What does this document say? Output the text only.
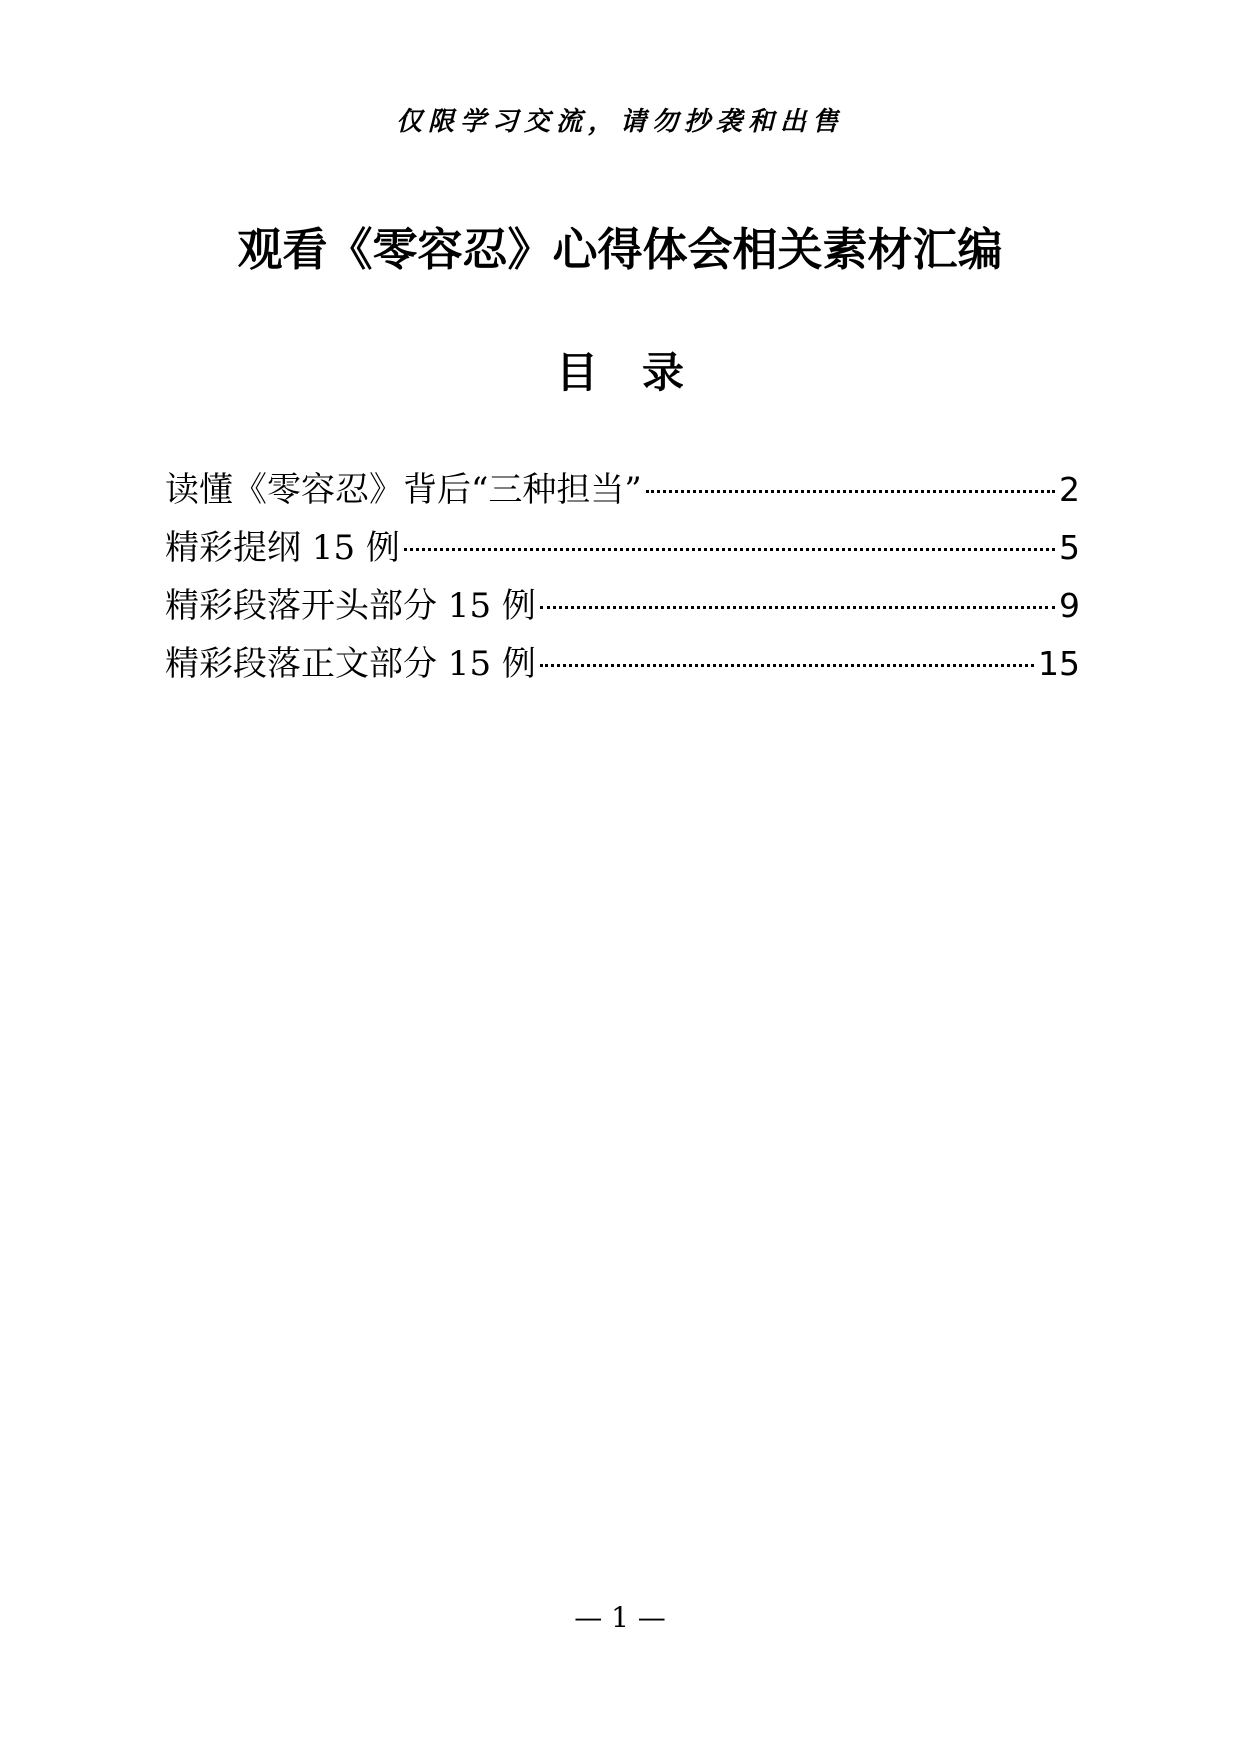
仅限学习交流，请勿抄袭和出售
观看《零容忍》心得体会相关素材汇编
目录
读懂《零容忍》背后“三种担当”	2
精彩提纲 15 例	5
精彩段落开头部分 15 例	9
精彩段落正文部分 15 例	15
— 1 —
